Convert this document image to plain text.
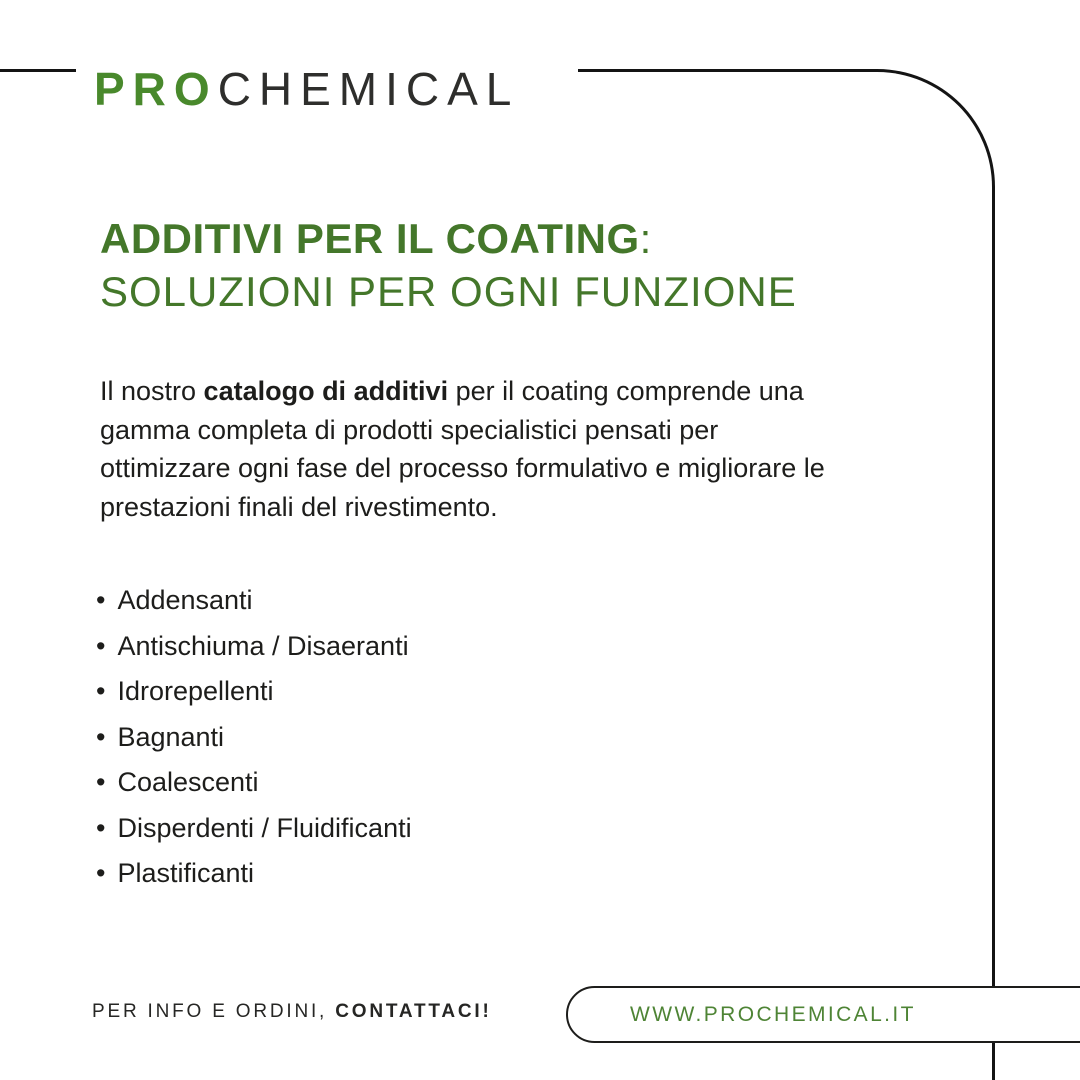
PROCHEMICAL
ADDITIVI PER IL COATING:
SOLUZIONI PER OGNI FUNZIONE
Il nostro catalogo di additivi per il coating comprende una
gamma completa di prodotti specialistici pensati per
ottimizzare ogni fase del processo formulativo e migliorare le
prestazioni finali del rivestimento.
• Addensanti
• Antischiuma / Disaeranti
• Idrorepellenti
• Bagnanti
• Coalescenti
• Disperdenti / Fluidificanti
• Plastificanti
PER INFO E ORDINI, CONTATTACI!	WWW.PROCHEMICAL.IT
